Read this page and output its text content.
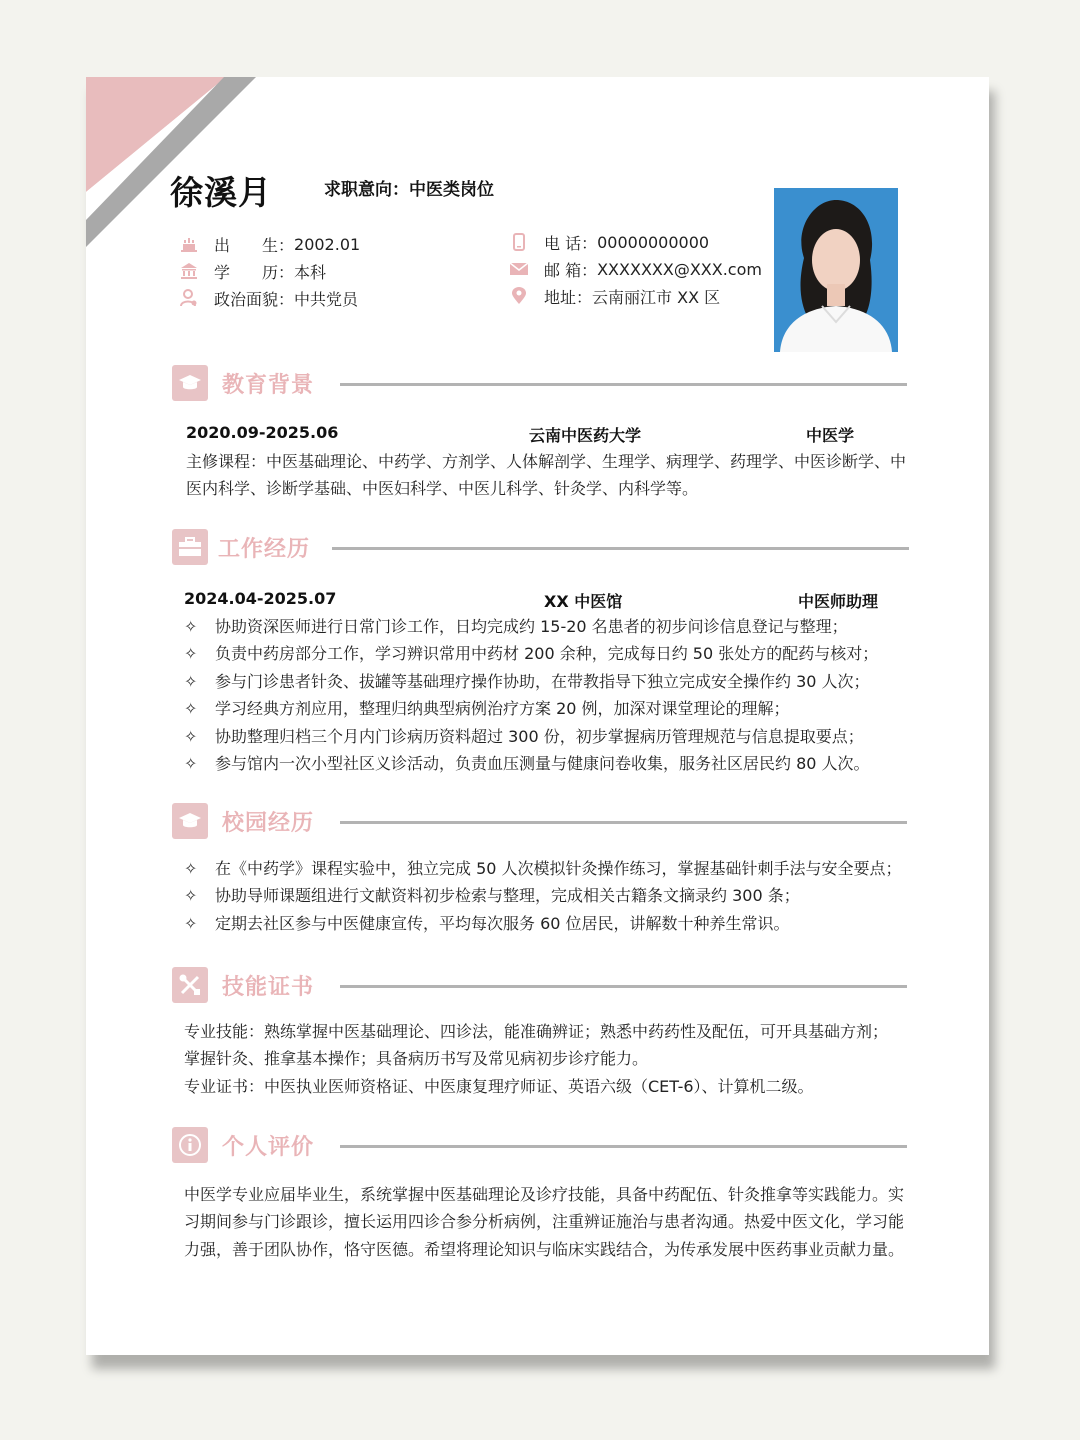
徐溪月	求职意向：中医类岗位
出　　生： 2002.01
学　　历： 本科
政治面貌： 中共党员
电 话： 00000000000
邮 箱： XXXXXXX@XXX.com
地址： 云南丽江市 XX 区
教育背景
2020.09-2025.06	云南中医药大学	中医学
主修课程：中医基础理论、中药学、方剂学、人体解剖学、生理学、病理学、药理学、中医诊断学、中医内科学、诊断学基础、中医妇科学、中医儿科学、针灸学、内科学等。
工作经历
2024.04-2025.07	XX 中医馆	中医师助理
✧	协助资深医师进行日常门诊工作，日均完成约 15-20 名患者的初步问诊信息登记与整理；
✧	负责中药房部分工作，学习辨识常用中药材 200 余种，完成每日约 50 张处方的配药与核对；
✧	参与门诊患者针灸、拔罐等基础理疗操作协助，在带教指导下独立完成安全操作约 30 人次；
✧	学习经典方剂应用，整理归纳典型病例治疗方案 20 例，加深对课堂理论的理解；
✧	协助整理归档三个月内门诊病历资料超过 300 份，初步掌握病历管理规范与信息提取要点；
✧	参与馆内一次小型社区义诊活动，负责血压测量与健康问卷收集，服务社区居民约 80 人次。
校园经历
✧	在《中药学》课程实验中，独立完成 50 人次模拟针灸操作练习，掌握基础针刺手法与安全要点；
✧	协助导师课题组进行文献资料初步检索与整理，完成相关古籍条文摘录约 300 条；
✧	定期去社区参与中医健康宣传，平均每次服务 60 位居民，讲解数十种养生常识。
技能证书
专业技能：熟练掌握中医基础理论、四诊法，能准确辨证；熟悉中药药性及配伍，可开具基础方剂；
掌握针灸、推拿基本操作；具备病历书写及常见病初步诊疗能力。
专业证书：中医执业医师资格证、中医康复理疗师证、英语六级（CET-6）、计算机二级。
个人评价
中医学专业应届毕业生，系统掌握中医基础理论及诊疗技能，具备中药配伍、针灸推拿等实践能力。实习期间参与门诊跟诊，擅长运用四诊合参分析病例，注重辨证施治与患者沟通。热爱中医文化，学习能力强，善于团队协作，恪守医德。希望将理论知识与临床实践结合，为传承发展中医药事业贡献力量。
